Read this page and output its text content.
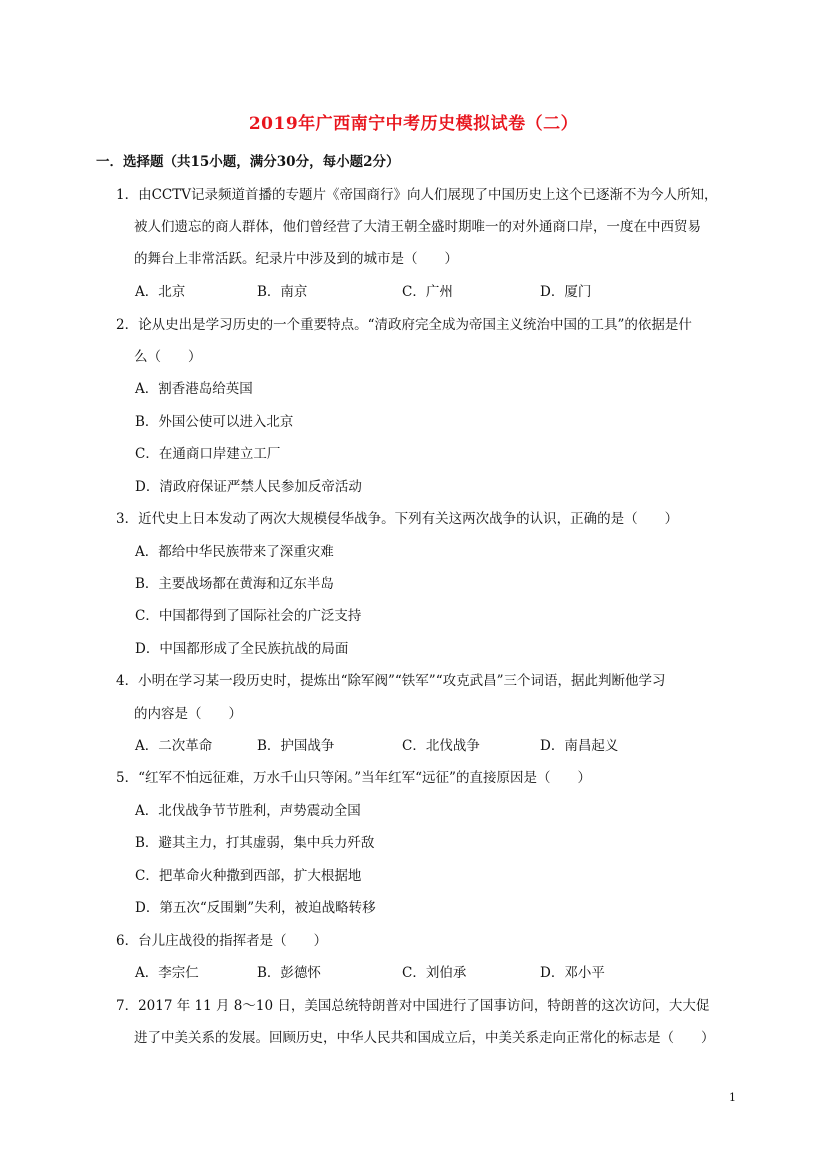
2019年广西南宁中考历史模拟试卷（二）
一．选择题（共15小题，满分30分，每小题2分）
1．由CCTV记录频道首播的专题片《帝国商行》向人们展现了中国历史上这个已逐渐不为今人所知，
被人们遗忘的商人群体，他们曾经营了大清王朝全盛时期唯一的对外通商口岸，一度在中西贸易
的舞台上非常活跃。纪录片中涉及到的城市是（　　）
A．北京	B．南京	C．广州	D．厦门
2．论从史出是学习历史的一个重要特点。“清政府完全成为帝国主义统治中国的工具”的依据是什
么（　　）
A．割香港岛给英国
B．外国公使可以进入北京
C．在通商口岸建立工厂
D．清政府保证严禁人民参加反帝活动
3．近代史上日本发动了两次大规模侵华战争。下列有关这两次战争的认识，正确的是（　　）
A．都给中华民族带来了深重灾难
B．主要战场都在黄海和辽东半岛
C．中国都得到了国际社会的广泛支持
D．中国都形成了全民族抗战的局面
4．小明在学习某一段历史时，提炼出“除军阀”“铁军”“攻克武昌”三个词语，据此判断他学习
的内容是（　　）
A．二次革命	B．护国战争	C．北伐战争	D．南昌起义
5．“红军不怕远征难，万水千山只等闲。”当年红军“远征”的直接原因是（　　）
A．北伐战争节节胜利，声势震动全国
B．避其主力，打其虚弱，集中兵力歼敌
C．把革命火种撒到西部，扩大根据地
D．第五次“反围剿”失利，被迫战略转移
6．台儿庄战役的指挥者是（　　）
A．李宗仁	B．彭德怀	C．刘伯承	D．邓小平
7．2017 年 11 月 8～10 日，美国总统特朗普对中国进行了国事访问，特朗普的这次访问，大大促
进了中美关系的发展。回顾历史，中华人民共和国成立后，中美关系走向正常化的标志是（　　）
1
